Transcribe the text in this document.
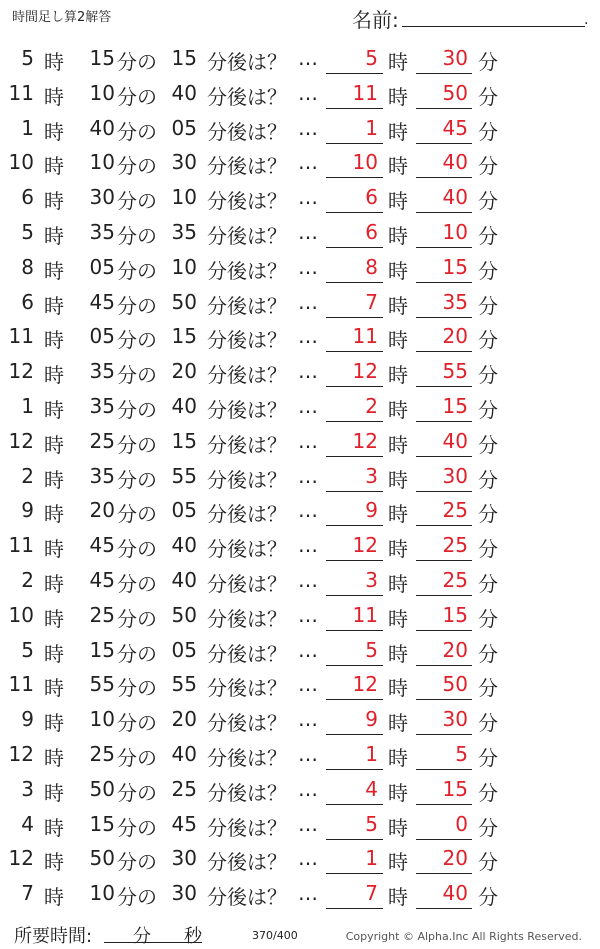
時間足し算2解答	名前:	.
5 時 15 分の 15 分後は？ … 5 時 30 分
11 時 10 分の 40 分後は？ … 11 時 50 分
1 時 40 分の 05 分後は？ … 1 時 45 分
10 時 10 分の 30 分後は？ … 10 時 40 分
6 時 30 分の 10 分後は？ … 6 時 40 分
5 時 35 分の 35 分後は？ … 6 時 10 分
8 時 05 分の 10 分後は？ … 8 時 15 分
6 時 45 分の 50 分後は？ … 7 時 35 分
11 時 05 分の 15 分後は？ … 11 時 20 分
12 時 35 分の 20 分後は？ … 12 時 55 分
1 時 35 分の 40 分後は？ … 2 時 15 分
12 時 25 分の 15 分後は？ … 12 時 40 分
2 時 35 分の 55 分後は？ … 3 時 30 分
9 時 20 分の 05 分後は？ … 9 時 25 分
11 時 45 分の 40 分後は？ … 12 時 25 分
2 時 45 分の 40 分後は？ … 3 時 25 分
10 時 25 分の 50 分後は？ … 11 時 15 分
5 時 15 分の 05 分後は？ … 5 時 20 分
11 時 55 分の 55 分後は？ … 12 時 50 分
9 時 10 分の 20 分後は？ … 9 時 30 分
12 時 25 分の 40 分後は？ … 1 時 5 分
3 時 50 分の 25 分後は？ … 4 時 15 分
4 時 15 分の 45 分後は？ … 5 時 0 分
12 時 50 分の 30 分後は？ … 1 時 20 分
7 時 10 分の 30 分後は？ … 7 時 40 分
所要時間: 分 秒	370/400	Copyright © Alpha.Inc All Rights Reserved.
